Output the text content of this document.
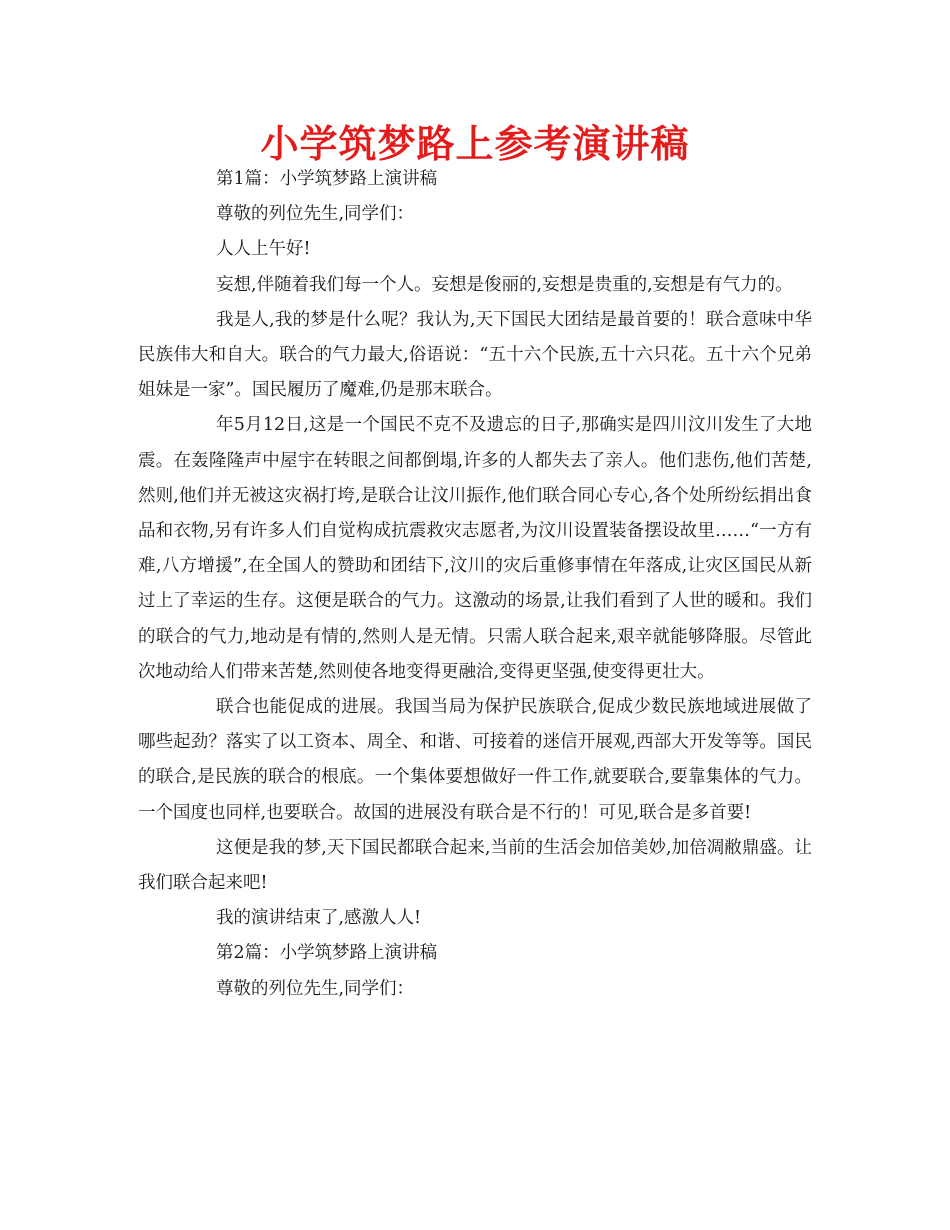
小学筑梦路上参考演讲稿

第1篇：小学筑梦路上演讲稿

尊敬的列位先生,同学们：

人人上午好!

妄想,伴随着我们每一个人。妄想是俊丽的,妄想是贵重的,妄想是有气力的。

我是人,我的梦是什么呢？我认为,天下国民大团结是最首要的！联合意味中华民族伟大和自大。联合的气力最大,俗语说：“五十六个民族,五十六只花。五十六个兄弟姐妹是一家”。国民履历了魔难,仍是那末联合。

年5月12日,这是一个国民不克不及遗忘的日子,那确实是四川汶川发生了大地震。在轰隆隆声中屋宇在转眼之间都倒塌,许多的人都失去了亲人。他们悲伤,他们苦楚,然则,他们并无被这灾祸打垮,是联合让汶川振作,他们联合同心专心,各个处所纷纭捐出食品和衣物,另有许多人们自觉构成抗震救灾志愿者,为汶川设置装备摆设故里……“一方有难,八方增援”,在全国人的赞助和团结下,汶川的灾后重修事情在年落成,让灾区国民从新过上了幸运的生存。这便是联合的气力。这激动的场景,让我们看到了人世的暖和。我们的联合的气力,地动是有情的,然则人是无情。只需人联合起来,艰辛就能够降服。尽管此次地动给人们带来苦楚,然则使各地变得更融洽,变得更坚强,使变得更壮大。

联合也能促成的进展。我国当局为保护民族联合,促成少数民族地域进展做了哪些起劲？落实了以工资本、周全、和谐、可接着的迷信开展观,西部大开发等等。国民的联合,是民族的联合的根底。一个集体要想做好一件工作,就要联合,要靠集体的气力。一个国度也同样,也要联合。故国的进展没有联合是不行的！可见,联合是多首要!

这便是我的梦,天下国民都联合起来,当前的生活会加倍美妙,加倍凋敝鼎盛。让我们联合起来吧!

我的演讲结束了,感激人人!

第2篇：小学筑梦路上演讲稿

尊敬的列位先生,同学们：
